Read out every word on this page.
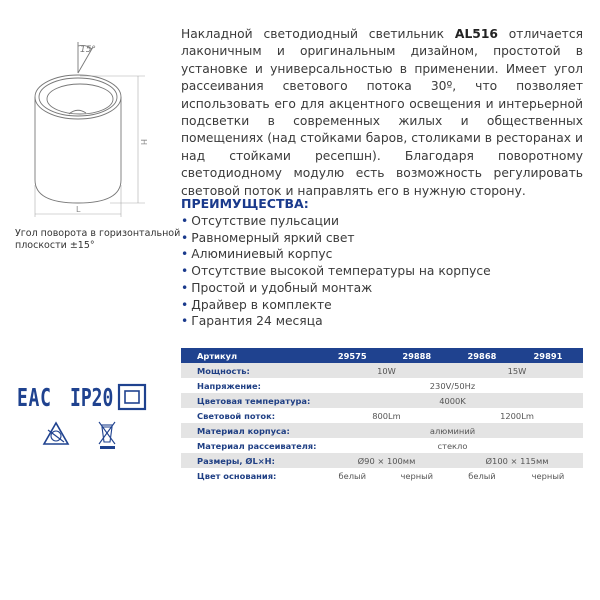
15°
H
L
Угол поворота в горизонтальной
плоскости ±15°
Накладной светодиодный светильник AL516 отличается лаконичным и оригинальным дизайном, простотой в установке и универсальностью в применении. Имеет угол рассеивания светового потока 30º, что позволяет использовать его для акцентного освещения и интерьерной подсветки в современных жилых и общественных помещениях (над стойками баров, столиками в ресторанах и над стойками ресепшн). Благодаря поворотному светодиодному модулю есть возможность регулировать световой поток и направлять его в нужную сторону.
ПРЕИМУЩЕСТВА:
• Отсутствие пульсации
• Равномерный яркий свет
• Алюминиевый корпус
• Отсутствие высокой температуры на корпусе
• Простой и удобный монтаж
• Драйвер в комплекте
• Гарантия 24 месяца
Артикул	29575	29888	29868	29891
Мощность:	10W		15W	
Напряжение:	230V/50Hz			
Цветовая температура:	4000K			
Световой поток:	800Lm		1200Lm	
Материал корпуса:	алюминий			
Материал рассеивателя:	стекло			
Размеры, ØL×H:	Ø90 × 100мм		Ø100 × 115мм	
Цвет основания:	белый	черный	белый	черный
ЕАС IP20
